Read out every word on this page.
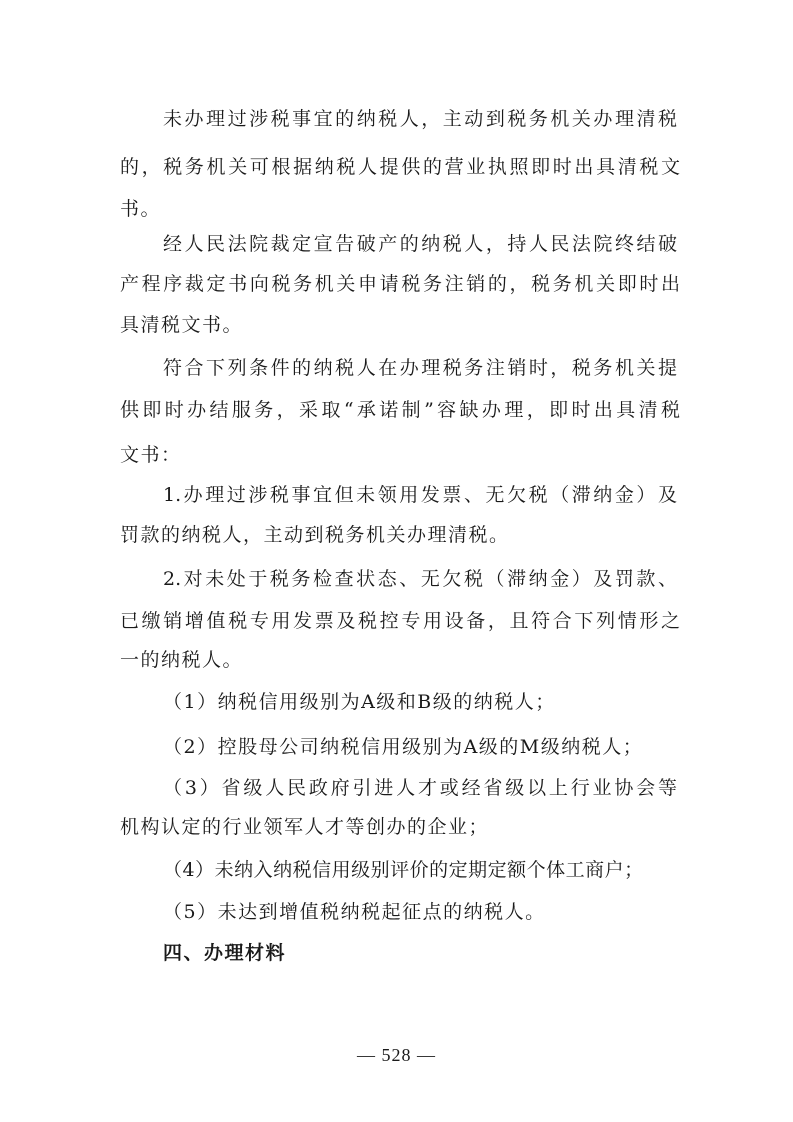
未办理过涉税事宜的纳税人，主动到税务机关办理清税
的，税务机关可根据纳税人提供的营业执照即时出具清税文
书。
经人民法院裁定宣告破产的纳税人，持人民法院终结破
产程序裁定书向税务机关申请税务注销的，税务机关即时出
具清税文书。
符合下列条件的纳税人在办理税务注销时，税务机关提
供即时办结服务，采取“承诺制”容缺办理，即时出具清税
文书：
1.办理过涉税事宜但未领用发票、无欠税（滞纳金）及
罚款的纳税人，主动到税务机关办理清税。
2.对未处于税务检查状态、无欠税（滞纳金）及罚款、
已缴销增值税专用发票及税控专用设备，且符合下列情形之
一的纳税人。
（1）纳税信用级别为A级和B级的纳税人；
（2）控股母公司纳税信用级别为A级的M级纳税人；
（3）省级人民政府引进人才或经省级以上行业协会等
机构认定的行业领军人才等创办的企业；
（4）未纳入纳税信用级别评价的定期定额个体工商户；
（5）未达到增值税纳税起征点的纳税人。
四、办理材料
— 528 —
